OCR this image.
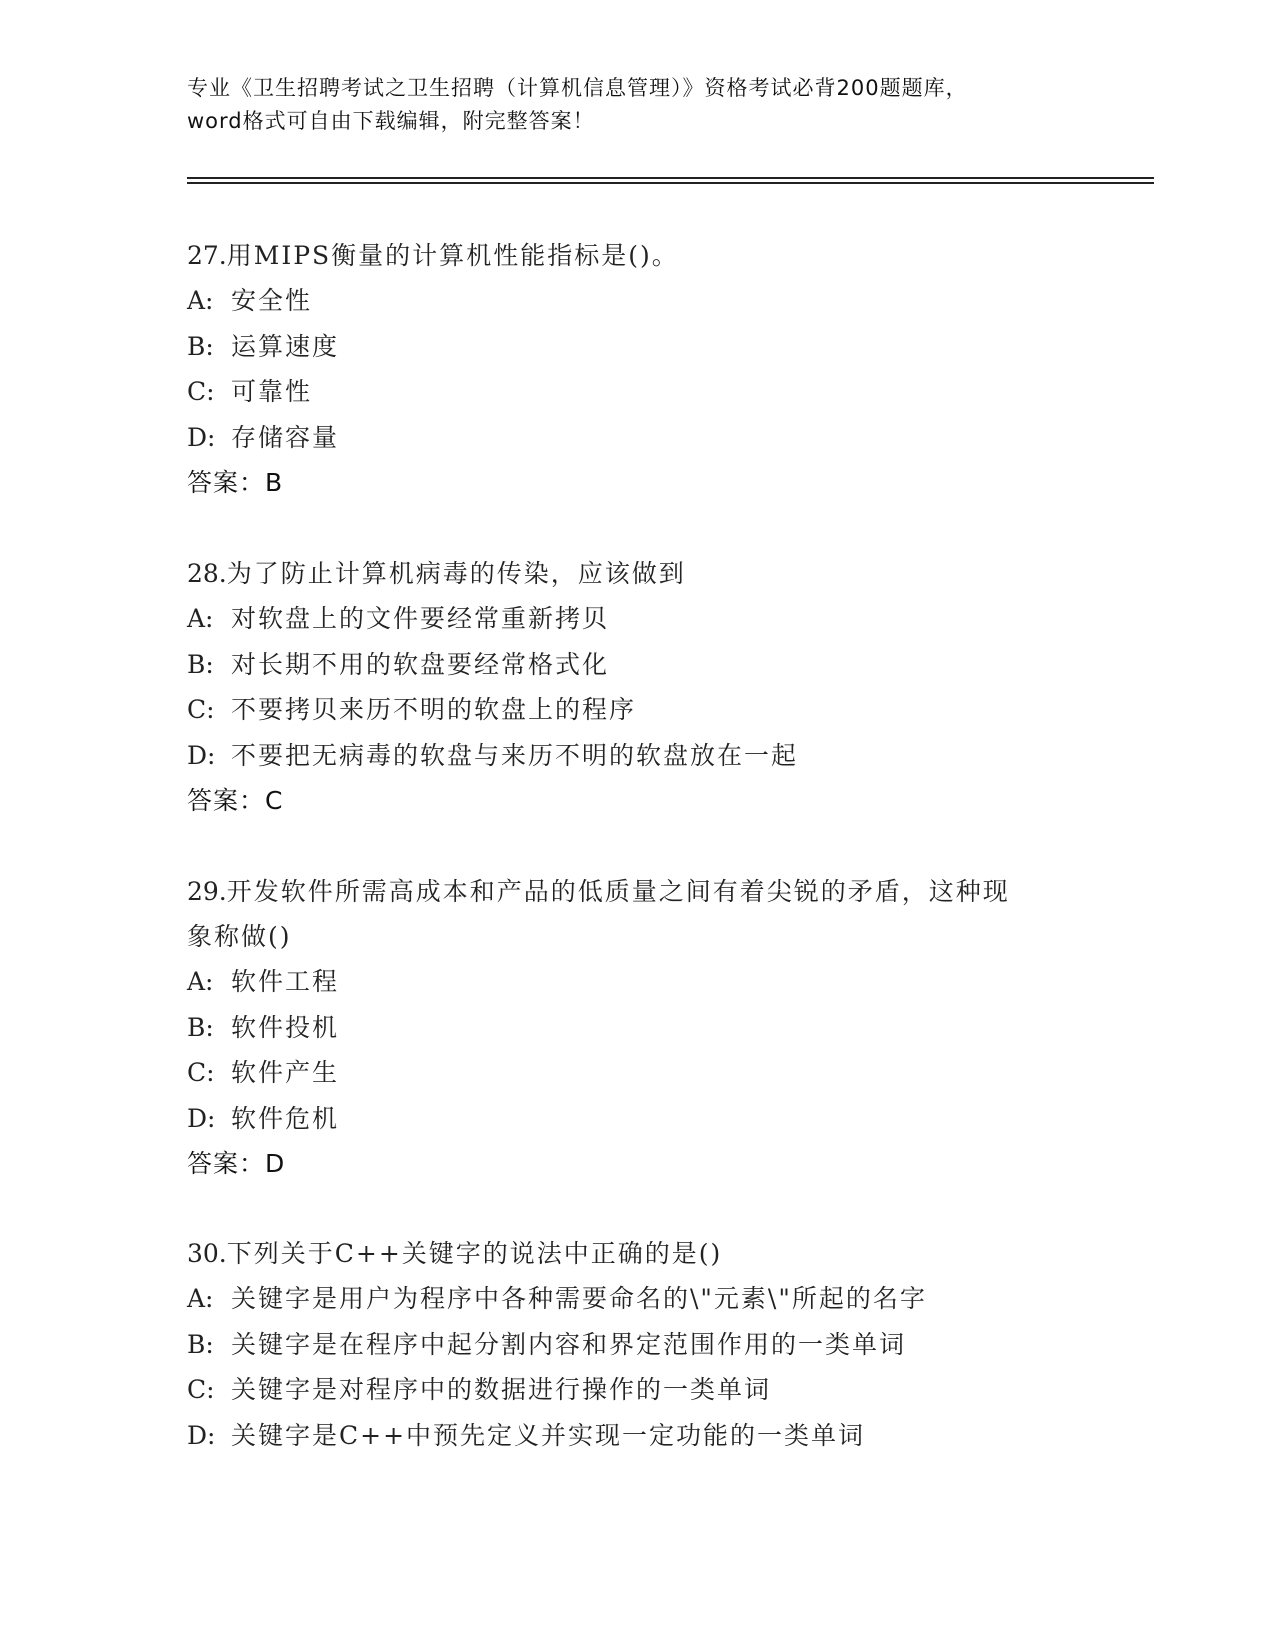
专业《卫生招聘考试之卫生招聘（计算机信息管理）》资格考试必背200题题库，
word格式可自由下载编辑，附完整答案！

27.用MIPS衡量的计算机性能指标是()。

A: 安全性
B: 运算速度
C: 可靠性
D: 存储容量
答案：B

28.为了防止计算机病毒的传染，应该做到

A: 对软盘上的文件要经常重新拷贝
B: 对长期不用的软盘要经常格式化
C: 不要拷贝来历不明的软盘上的程序
D: 不要把无病毒的软盘与来历不明的软盘放在一起
答案：C

29.开发软件所需高成本和产品的低质量之间有着尖锐的矛盾，这种现
象称做()

A: 软件工程
B: 软件投机
C: 软件产生
D: 软件危机
答案：D

30.下列关于C++关键字的说法中正确的是()

A: 关键字是用户为程序中各种需要命名的\"元素\"所起的名字
B: 关键字是在程序中起分割内容和界定范围作用的一类单词
C: 关键字是对程序中的数据进行操作的一类单词
D: 关键字是C++中预先定义并实现一定功能的一类单词
